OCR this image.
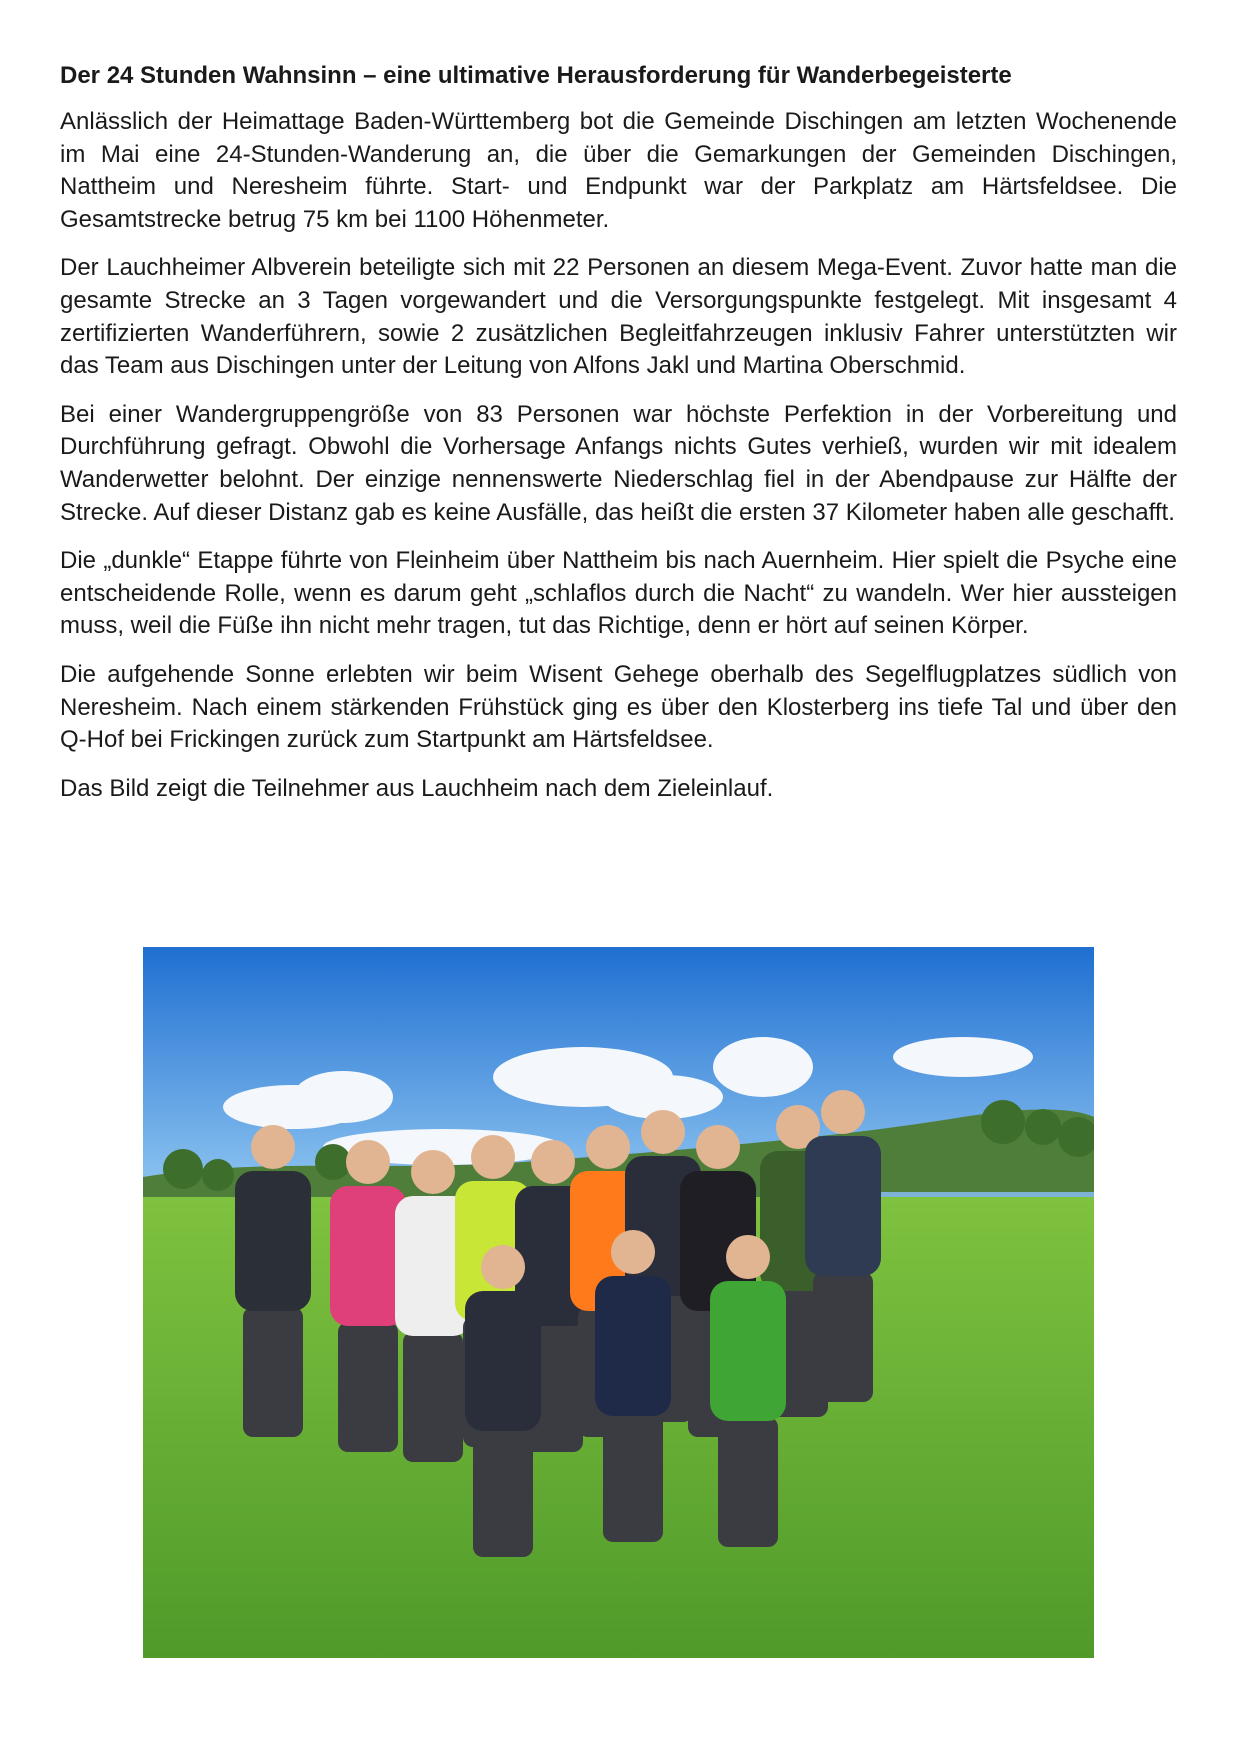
Der 24 Stunden Wahnsinn – eine ultimative Herausforderung für Wanderbegeisterte

Anlässlich der Heimattage Baden-Württemberg bot die Gemeinde Dischingen am letzten Wochenende im Mai eine 24-Stunden-Wanderung an, die über die Gemarkungen der Gemeinden Dischingen, Nattheim und Neresheim führte. Start- und Endpunkt war der Parkplatz am Härtsfeldsee. Die Gesamtstrecke betrug 75 km bei 1100 Höhenmeter.

Der Lauchheimer Albverein beteiligte sich mit 22 Personen an diesem Mega-Event. Zuvor hatte man die gesamte Strecke an 3 Tagen vorgewandert und die Versorgungspunkte festgelegt. Mit insgesamt 4 zertifizierten Wanderführern, sowie 2 zusätzlichen Begleitfahrzeugen inklusiv Fahrer unterstützten wir das Team aus Dischingen unter der Leitung von Alfons Jakl und Martina Oberschmid.

Bei einer Wandergruppengröße von 83 Personen war höchste Perfektion in der Vorbereitung und Durchführung gefragt. Obwohl die Vorhersage Anfangs nichts Gutes verhieß, wurden wir mit idealem Wanderwetter belohnt. Der einzige nennenswerte Niederschlag fiel in der Abendpause zur Hälfte der Strecke. Auf dieser Distanz gab es keine Ausfälle, das heißt die ersten 37 Kilometer haben alle geschafft.

Die „dunkle“ Etappe führte von Fleinheim über Nattheim bis nach Auernheim. Hier spielt die Psyche eine entscheidende Rolle, wenn es darum geht „schlaflos durch die Nacht“ zu wandeln. Wer hier aussteigen muss, weil die Füße ihn nicht mehr tragen, tut das Richtige, denn er hört auf seinen Körper.

Die aufgehende Sonne erlebten wir beim Wisent Gehege oberhalb des Segelflugplatzes südlich von Neresheim. Nach einem stärkenden Frühstück ging es über den Klosterberg ins tiefe Tal und über den Q-Hof bei Frickingen zurück zum Startpunkt am Härtsfeldsee.

Das Bild zeigt die Teilnehmer aus Lauchheim nach dem Zieleinlauf.
